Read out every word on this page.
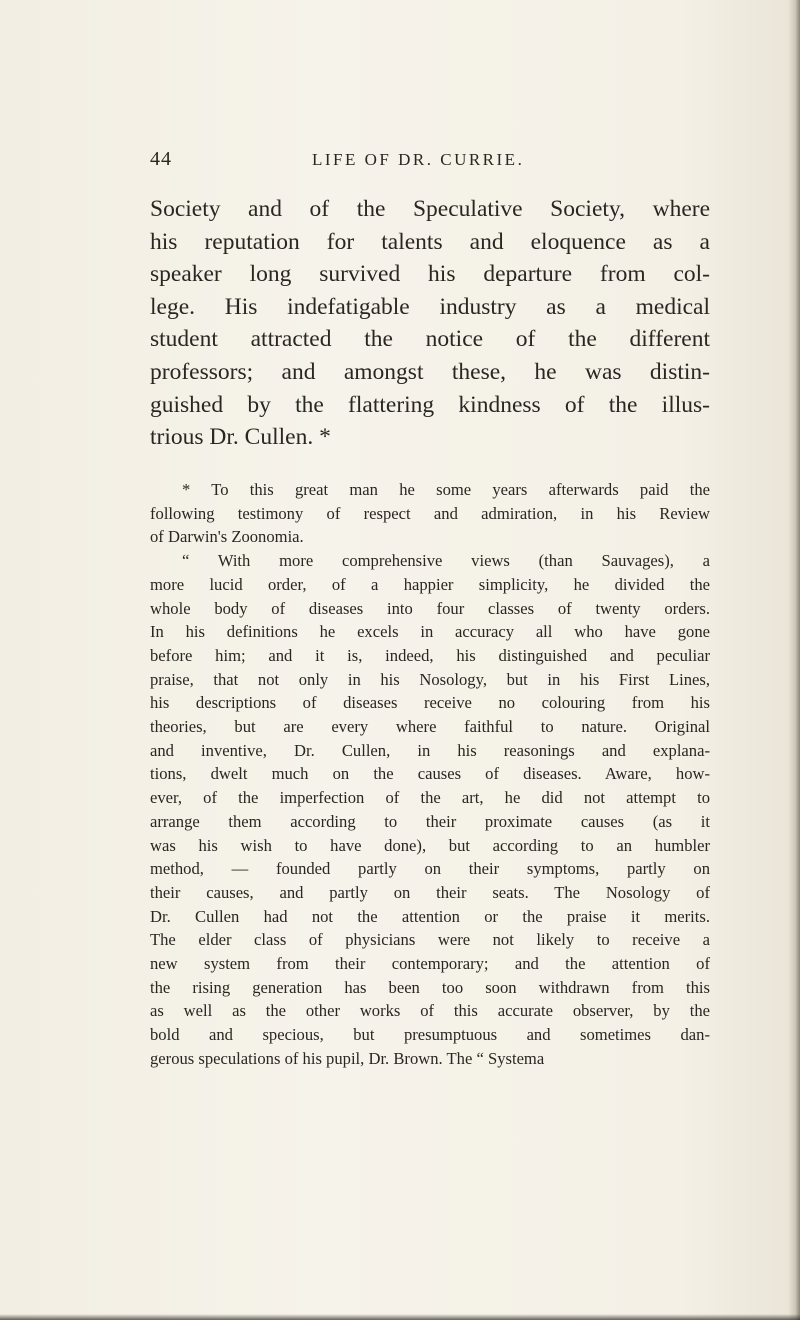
44	LIFE OF DR. CURRIE.
Society and of the Speculative Society, where
his reputation for talents and eloquence as a
speaker long survived his departure from col-
lege. His indefatigable industry as a medical
student attracted the notice of the different
professors; and amongst these, he was distin-
guished by the flattering kindness of the illus-
trious Dr. Cullen. *
* To this great man he some years afterwards paid the
following testimony of respect and admiration, in his Review
of Darwin's Zoonomia.
“ With more comprehensive views (than Sauvages), a
more lucid order, of a happier simplicity, he divided the
whole body of diseases into four classes of twenty orders.
In his definitions he excels in accuracy all who have gone
before him; and it is, indeed, his distinguished and peculiar
praise, that not only in his Nosology, but in his First Lines,
his descriptions of diseases receive no colouring from his
theories, but are every where faithful to nature. Original
and inventive, Dr. Cullen, in his reasonings and explana-
tions, dwelt much on the causes of diseases. Aware, how-
ever, of the imperfection of the art, he did not attempt to
arrange them according to their proximate causes (as it
was his wish to have done), but according to an humbler
method, — founded partly on their symptoms, partly on
their causes, and partly on their seats. The Nosology of
Dr. Cullen had not the attention or the praise it merits.
The elder class of physicians were not likely to receive a
new system from their contemporary; and the attention of
the rising generation has been too soon withdrawn from this
as well as the other works of this accurate observer, by the
bold and specious, but presumptuous and sometimes dan-
gerous speculations of his pupil, Dr. Brown. The “ Systema
